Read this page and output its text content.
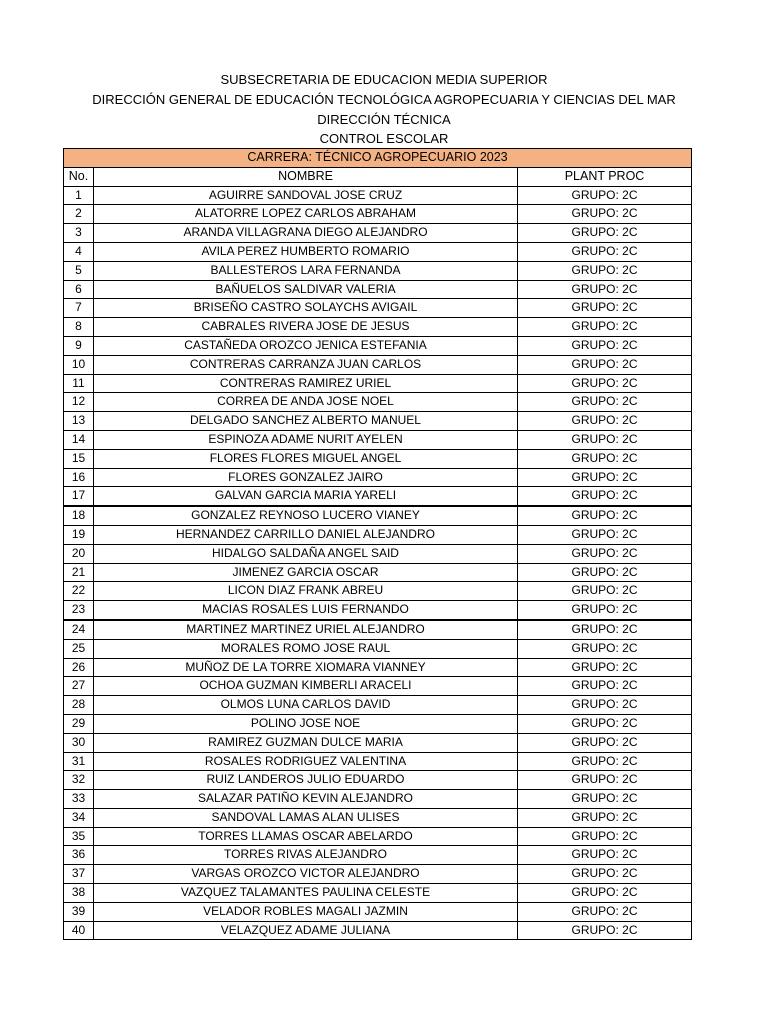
SUBSECRETARIA DE EDUCACION MEDIA SUPERIOR
DIRECCIÓN GENERAL DE EDUCACIÓN TECNOLÓGICA AGROPECUARIA Y CIENCIAS DEL MAR
DIRECCIÓN TÉCNICA
CONTROL ESCOLAR
CARRERA: TÉCNICO AGROPECUARIO 2023		
No.	NOMBRE	PLANT PROC
1	AGUIRRE SANDOVAL JOSE CRUZ	GRUPO: 2C
2	ALATORRE LOPEZ CARLOS ABRAHAM	GRUPO: 2C
3	ARANDA VILLAGRANA DIEGO ALEJANDRO	GRUPO: 2C
4	AVILA PEREZ HUMBERTO ROMARIO	GRUPO: 2C
5	BALLESTEROS LARA FERNANDA	GRUPO: 2C
6	BAÑUELOS SALDIVAR VALERIA	GRUPO: 2C
7	BRISEÑO CASTRO SOLAYCHS AVIGAIL	GRUPO: 2C
8	CABRALES RIVERA JOSE DE JESUS	GRUPO: 2C
9	CASTAÑEDA OROZCO JENICA ESTEFANIA	GRUPO: 2C
10	CONTRERAS CARRANZA JUAN CARLOS	GRUPO: 2C
11	CONTRERAS RAMIREZ URIEL	GRUPO: 2C
12	CORREA DE ANDA JOSE NOEL	GRUPO: 2C
13	DELGADO SANCHEZ ALBERTO MANUEL	GRUPO: 2C
14	ESPINOZA ADAME NURIT AYELEN	GRUPO: 2C
15	FLORES FLORES MIGUEL ANGEL	GRUPO: 2C
16	FLORES GONZALEZ JAIRO	GRUPO: 2C
17	GALVAN GARCIA MARIA YARELI	GRUPO: 2C
18	GONZALEZ REYNOSO LUCERO VIANEY	GRUPO: 2C
19	HERNANDEZ CARRILLO DANIEL ALEJANDRO	GRUPO: 2C
20	HIDALGO SALDAÑA ANGEL SAID	GRUPO: 2C
21	JIMENEZ GARCIA OSCAR	GRUPO: 2C
22	LICON DIAZ FRANK ABREU	GRUPO: 2C
23	MACIAS ROSALES LUIS FERNANDO	GRUPO: 2C
24	MARTINEZ MARTINEZ URIEL ALEJANDRO	GRUPO: 2C
25	MORALES ROMO JOSE RAUL	GRUPO: 2C
26	MUÑOZ DE LA TORRE XIOMARA VIANNEY	GRUPO: 2C
27	OCHOA GUZMAN KIMBERLI ARACELI	GRUPO: 2C
28	OLMOS LUNA CARLOS DAVID	GRUPO: 2C
29	POLINO JOSE NOE	GRUPO: 2C
30	RAMIREZ GUZMAN DULCE MARIA	GRUPO: 2C
31	ROSALES RODRIGUEZ VALENTINA	GRUPO: 2C
32	RUIZ LANDEROS JULIO EDUARDO	GRUPO: 2C
33	SALAZAR PATIÑO KEVIN ALEJANDRO	GRUPO: 2C
34	SANDOVAL LAMAS ALAN ULISES	GRUPO: 2C
35	TORRES LLAMAS OSCAR ABELARDO	GRUPO: 2C
36	TORRES RIVAS ALEJANDRO	GRUPO: 2C
37	VARGAS OROZCO VICTOR ALEJANDRO	GRUPO: 2C
38	VAZQUEZ TALAMANTES PAULINA CELESTE	GRUPO: 2C
39	VELADOR ROBLES MAGALI JAZMIN	GRUPO: 2C
40	VELAZQUEZ ADAME JULIANA	GRUPO: 2C
